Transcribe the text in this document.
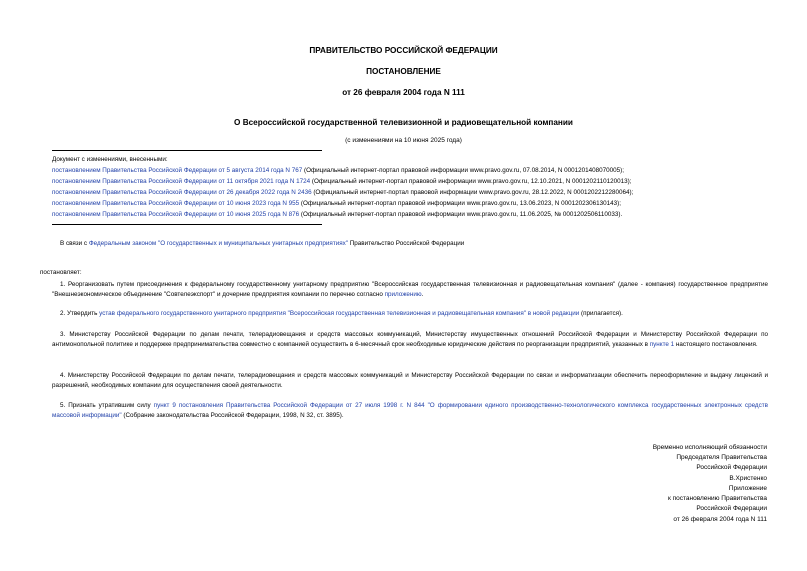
ПРАВИТЕЛЬСТВО РОССИЙСКОЙ ФЕДЕРАЦИИ
ПОСТАНОВЛЕНИЕ
от 26 февраля 2004 года N 111
О Всероссийской государственной телевизионной и радиовещательной компании
(с изменениями на 10 июня 2025 года)
Документ с изменениями, внесенными:
постановлением Правительства Российской Федерации от 5 августа 2014 года N 767 (Официальный интернет-портал правовой информации www.pravo.gov.ru, 07.08.2014, N 0001201408070005);
постановлением Правительства Российской Федерации от 11 октября 2021 года N 1724 (Официальный интернет-портал правовой информации www.pravo.gov.ru, 12.10.2021, N 0001202110120013);
постановлением Правительства Российской Федерации от 26 декабря 2022 года N 2436 (Официальный интернет-портал правовой информации www.pravo.gov.ru, 28.12.2022, N 0001202212280064);
постановлением Правительства Российской Федерации от 10 июня 2023 года N 955 (Официальный интернет-портал правовой информации www.pravo.gov.ru, 13.06.2023, N 0001202306130143);
постановлением Правительства Российской Федерации от 10 июня 2025 года N 876 (Официальный интернет-портал правовой информации www.pravo.gov.ru, 11.06.2025, № 0001202506110033).
В связи с Федеральным законом "О государственных и муниципальных унитарных предприятиях" Правительство Российской Федерации
постановляет:
1. Реорганизовать путем присоединения к федеральному государственному унитарному предприятию "Всероссийская государственная телевизионная и радиовещательная компания" (далее - компания) государственное предприятие "Внешнеэкономическое объединение "Совтелеэкспорт" и дочерние предприятия компании по перечню согласно приложению.
2. Утвердить устав федерального государственного унитарного предприятия "Всероссийская государственная телевизионная и радиовещательная компания" в новой редакции (прилагается).
3. Министерству Российской Федерации по делам печати, телерадиовещания и средств массовых коммуникаций, Министерству имущественных отношений Российской Федерации и Министерству Российской Федерации по антимонопольной политике и поддержке предпринимательства совместно с компанией осуществить в 6-месячный срок необходимые юридические действия по реорганизации предприятий, указанных в пункте 1 настоящего постановления.
4. Министерству Российской Федерации по делам печати, телерадиовещания и средств массовых коммуникаций и Министерству Российской Федерации по связи и информатизации обеспечить переоформление и выдачу лицензий и разрешений, необходимых компании для осуществления своей деятельности.
5. Признать утратившим силу пункт 9 постановления Правительства Российской Федерации от 27 июля 1998 г. N 844 "О формировании единого производственно-технологического комплекса государственных электронных средств массовой информации" (Собрание законодательства Российской Федерации, 1998, N 32, ст. 3895).
Временно исполняющий обязанности
Председателя Правительства
Российской Федерации
В.Христенко
Приложение
к постановлению Правительства
Российской Федерации
от 26 февраля 2004 года N 111
